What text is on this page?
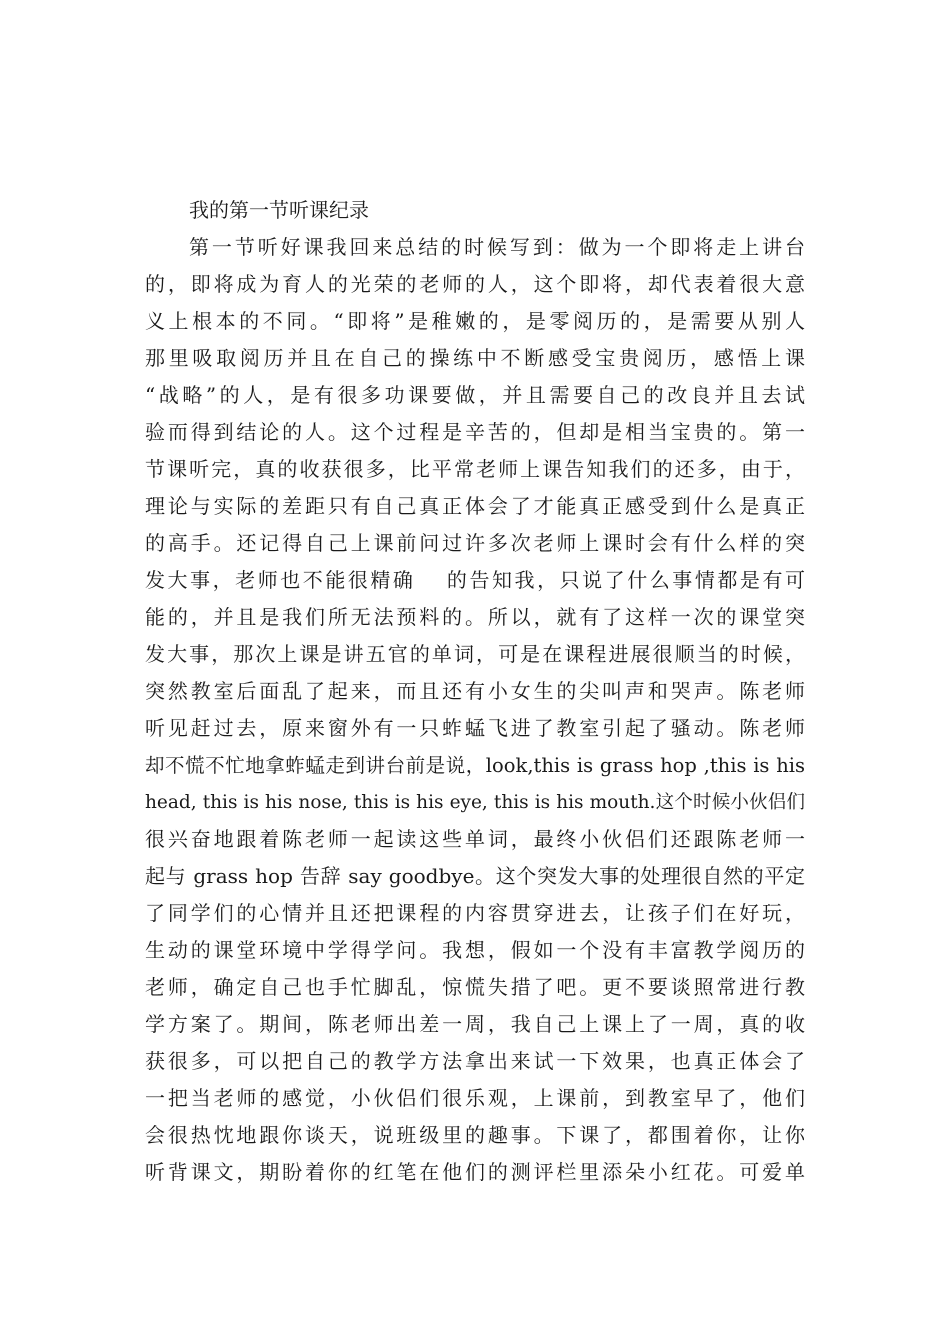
我的第一节听课纪录
第一节听好课我回来总结的时候写到：做为一个即将走上讲台
的，即将成为育人的光荣的老师的人，这个即将，却代表着很大意
义上根本的不同。“即将”是稚嫩的，是零阅历的，是需要从别人
那里吸取阅历并且在自己的操练中不断感受宝贵阅历，感悟上课
“战略”的人，是有很多功课要做，并且需要自己的改良并且去试
验而得到结论的人。这个过程是辛苦的，但却是相当宝贵的。第一
节课听完，真的收获很多，比平常老师上课告知我们的还多，由于，
理论与实际的差距只有自己真正体会了才能真正感受到什么是真正
的高手。还记得自己上课前问过许多次老师上课时会有什么样的突
发大事，老师也不能很精确　 的告知我，只说了什么事情都是有可
能的，并且是我们所无法预料的。所以，就有了这样一次的课堂突
发大事，那次上课是讲五官的单词，可是在课程进展很顺当的时候，
突然教室后面乱了起来，而且还有小女生的尖叫声和哭声。陈老师
听见赶过去，原来窗外有一只蚱蜢飞进了教室引起了骚动。陈老师
却不慌不忙地拿蚱蜢走到讲台前是说，look,this is grass hop ,this is his
head, this is his nose, this is his eye, this is his mouth.这个时候小伙侣们
很兴奋地跟着陈老师一起读这些单词，最终小伙侣们还跟陈老师一
起与 grass hop 告辞 say goodbye。这个突发大事的处理很自然的平定
了同学们的心情并且还把课程的内容贯穿进去，让孩子们在好玩，
生动的课堂环境中学得学问。我想，假如一个没有丰富教学阅历的
老师，确定自己也手忙脚乱，惊慌失措了吧。更不要谈照常进行教
学方案了。期间，陈老师出差一周，我自己上课上了一周，真的收
获很多，可以把自己的教学方法拿出来试一下效果，也真正体会了
一把当老师的感觉，小伙侣们很乐观，上课前，到教室早了，他们
会很热忱地跟你谈天，说班级里的趣事。下课了，都围着你，让你
听背课文，期盼着你的红笔在他们的测评栏里添朵小红花。可爱单
